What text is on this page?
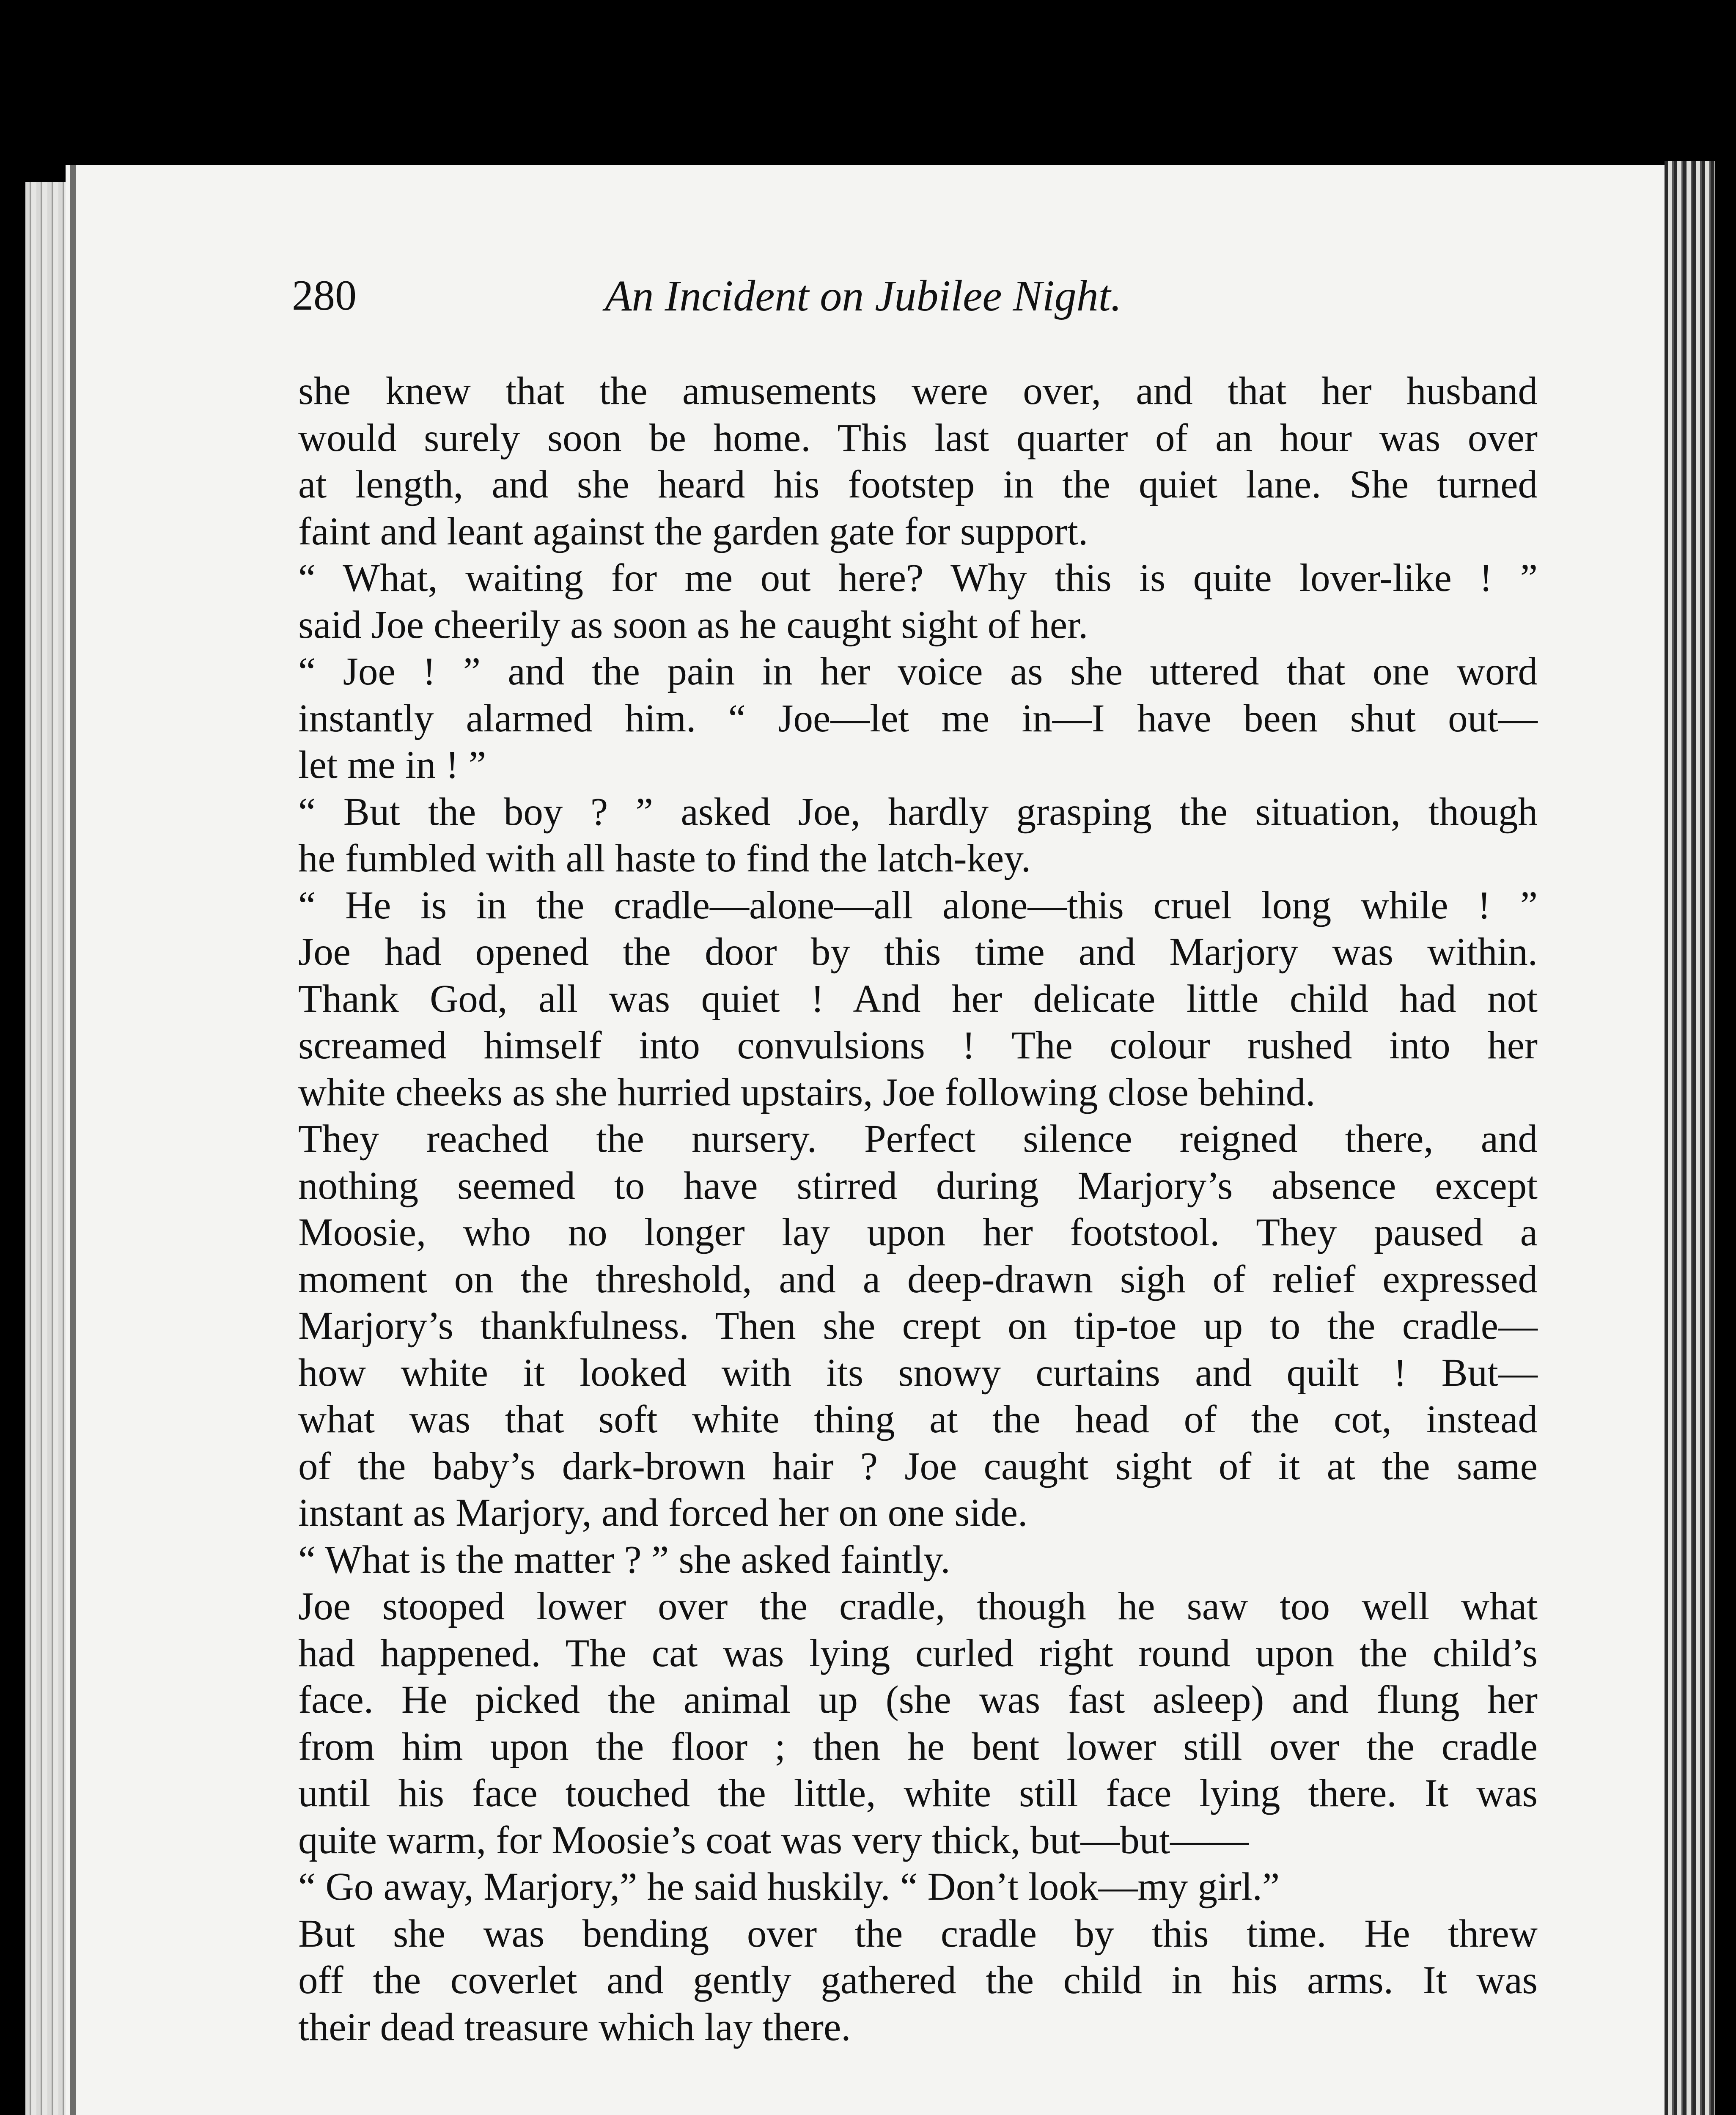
280	An Incident on Jubilee Night.
she knew that the amusements were over, and that her husband
would surely soon be home. This last quarter of an hour was over
at length, and she heard his footstep in the quiet lane. She turned
faint and leant against the garden gate for support.
“ What, waiting for me out here? Why this is quite lover-like ! ”
said Joe cheerily as soon as he caught sight of her.
“ Joe ! ” and the pain in her voice as she uttered that one word
instantly alarmed him. “ Joe—let me in—I have been shut out—
let me in ! ”
“ But the boy ? ” asked Joe, hardly grasping the situation, though
he fumbled with all haste to find the latch-key.
“ He is in the cradle—alone—all alone—this cruel long while ! ”
Joe had opened the door by this time and Marjory was within.
Thank God, all was quiet ! And her delicate little child had not
screamed himself into convulsions ! The colour rushed into her
white cheeks as she hurried upstairs, Joe following close behind.
They reached the nursery. Perfect silence reigned there, and
nothing seemed to have stirred during Marjory’s absence except
Moosie, who no longer lay upon her footstool. They paused a
moment on the threshold, and a deep-drawn sigh of relief expressed
Marjory’s thankfulness. Then she crept on tip-toe up to the cradle—
how white it looked with its snowy curtains and quilt ! But—
what was that soft white thing at the head of the cot, instead
of the baby’s dark-brown hair ? Joe caught sight of it at the same
instant as Marjory, and forced her on one side.
“ What is the matter ? ” she asked faintly.
Joe stooped lower over the cradle, though he saw too well what
had happened. The cat was lying curled right round upon the child’s
face. He picked the animal up (she was fast asleep) and flung her
from him upon the floor ; then he bent lower still over the cradle
until his face touched the little, white still face lying there. It was
quite warm, for Moosie’s coat was very thick, but—but——
“ Go away, Marjory,” he said huskily. “ Don’t look—my girl.”
But she was bending over the cradle by this time. He threw
off the coverlet and gently gathered the child in his arms. It was
their dead treasure which lay there.
